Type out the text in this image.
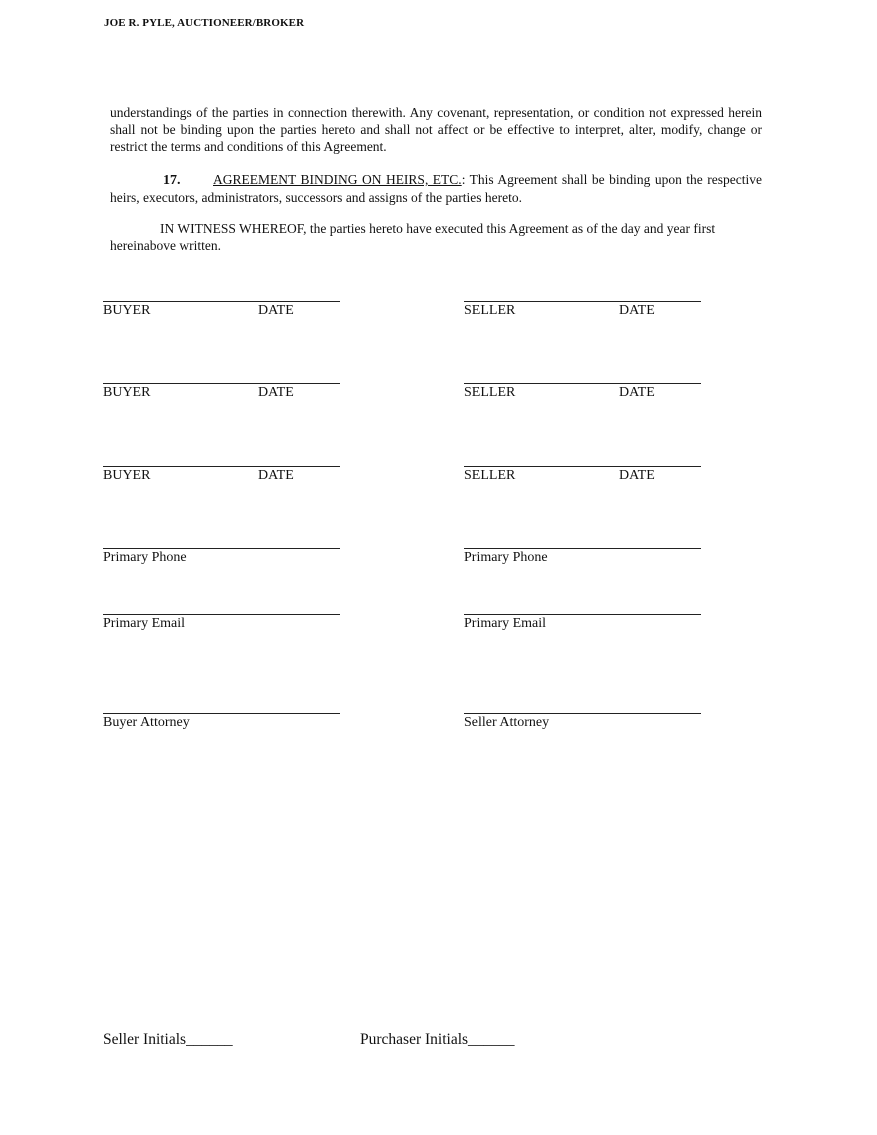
JOE R. PYLE, AUCTIONEER/BROKER
understandings of the parties in connection therewith. Any covenant, representation, or condition not expressed herein shall not be binding upon the parties hereto and shall not affect or be effective to interpret, alter, modify, change or restrict the terms and conditions of this Agreement.
17. AGREEMENT BINDING ON HEIRS, ETC.: This Agreement shall be binding upon the respective heirs, executors, administrators, successors and assigns of the parties hereto.
IN WITNESS WHEREOF, the parties hereto have executed this Agreement as of the day and year first hereinabove written.
BUYER	DATE	SELLER	DATE
BUYER	DATE	SELLER	DATE
BUYER	DATE	SELLER	DATE
Primary Phone	Primary Phone
Primary Email	Primary Email
Buyer Attorney	Seller Attorney
Seller Initials______	Purchaser Initials______
